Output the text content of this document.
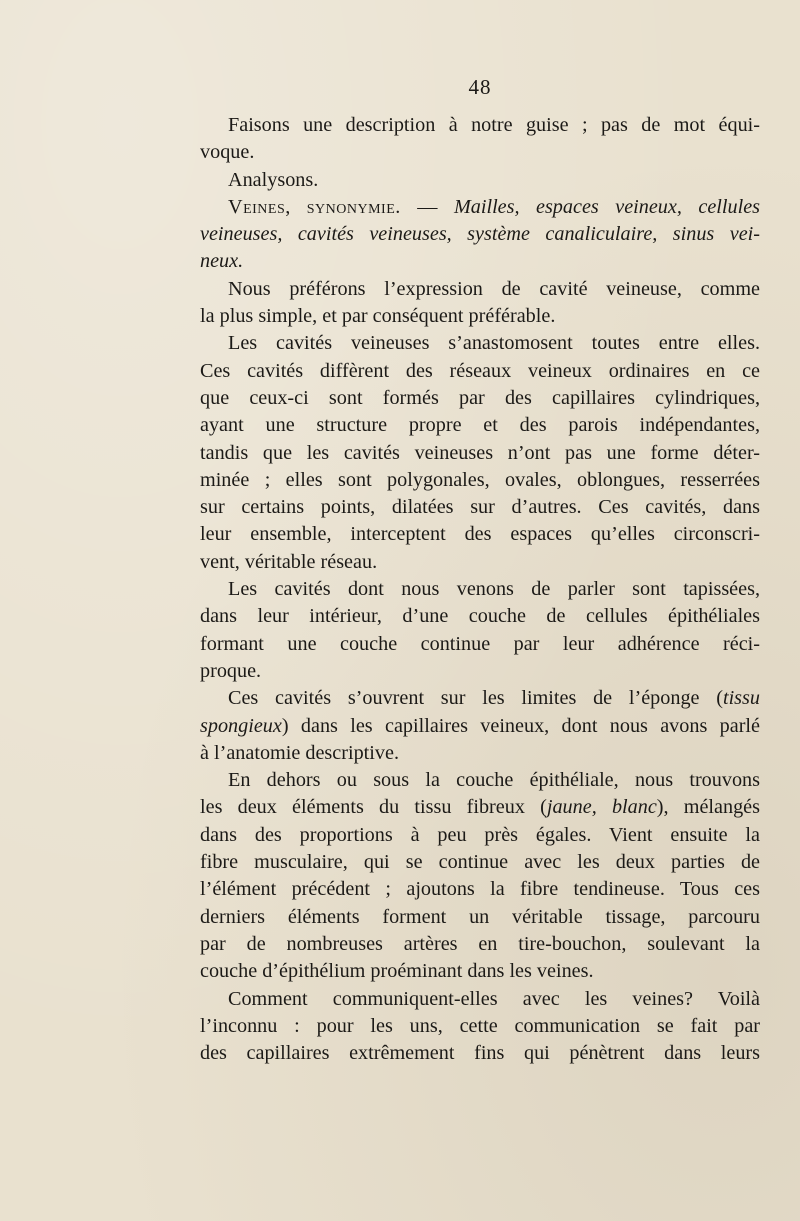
48

Faisons une description à notre guise ; pas de mot équi-
voque.

Analysons.

Veines, synonymie. — Mailles, espaces veineux, cellules
veineuses, cavités veineuses, système canaliculaire, sinus vei-
neux.

Nous préférons l’expression de cavité veineuse, comme
la plus simple, et par conséquent préférable.

Les cavités veineuses s’anastomosent toutes entre elles.
Ces cavités diffèrent des réseaux veineux ordinaires en ce
que ceux-ci sont formés par des capillaires cylindriques,
ayant une structure propre et des parois indépendantes,
tandis que les cavités veineuses n’ont pas une forme déter-
minée ; elles sont polygonales, ovales, oblongues, resserrées
sur certains points, dilatées sur d’autres. Ces cavités, dans
leur ensemble, interceptent des espaces qu’elles circonscri-
vent, véritable réseau.

Les cavités dont nous venons de parler sont tapissées,
dans leur intérieur, d’une couche de cellules épithéliales
formant une couche continue par leur adhérence réci-
proque.

Ces cavités s’ouvrent sur les limites de l’éponge (tissu
spongieux) dans les capillaires veineux, dont nous avons parlé
à l’anatomie descriptive.

En dehors ou sous la couche épithéliale, nous trouvons
les deux éléments du tissu fibreux (jaune, blanc), mélangés
dans des proportions à peu près égales. Vient ensuite la
fibre musculaire, qui se continue avec les deux parties de
l’élément précédent ; ajoutons la fibre tendineuse. Tous ces
derniers éléments forment un véritable tissage, parcouru
par de nombreuses artères en tire-bouchon, soulevant la
couche d’épithélium proéminant dans les veines.

Comment communiquent-elles avec les veines? Voilà
l’inconnu : pour les uns, cette communication se fait par
des capillaires extrêmement fins qui pénètrent dans leurs
